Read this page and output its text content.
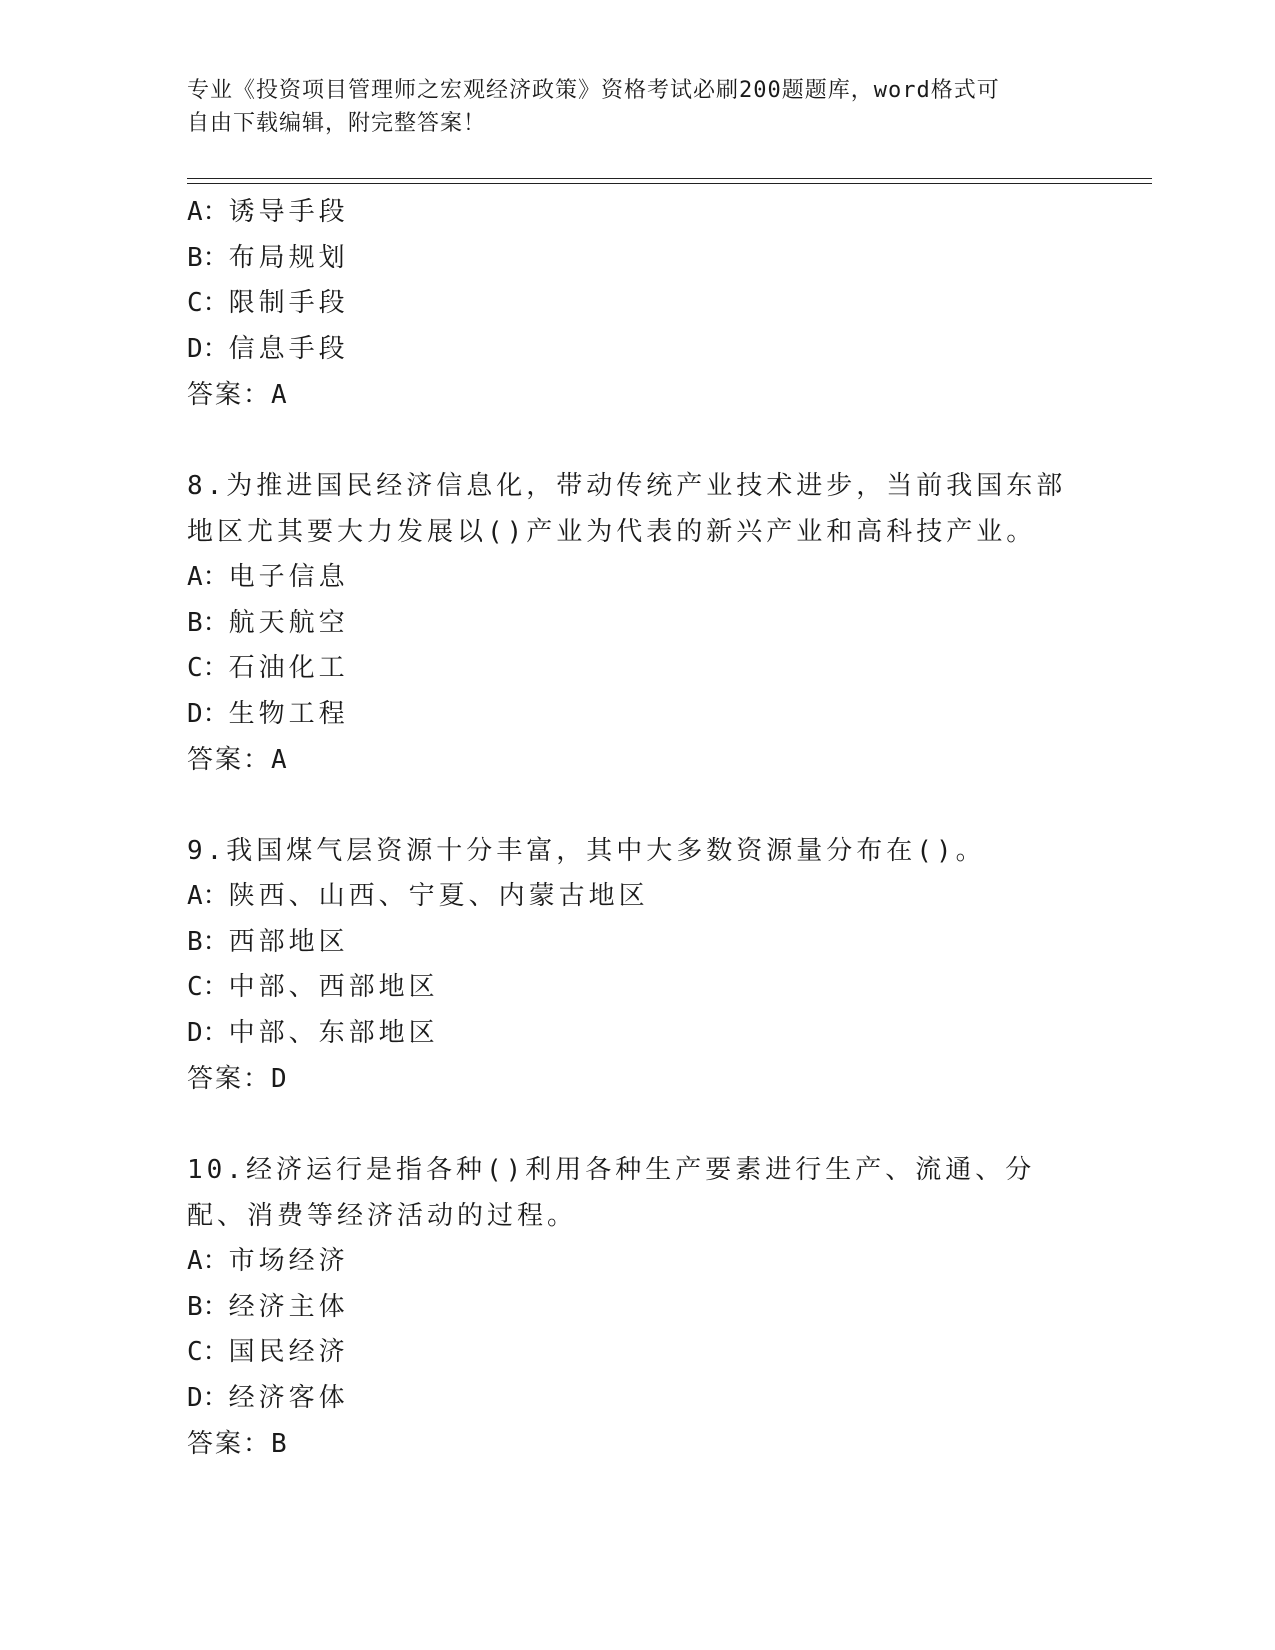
专业《投资项目管理师之宏观经济政策》资格考试必刷200题题库，word格式可
自由下载编辑，附完整答案！

A：诱导手段

B：布局规划

C：限制手段

D：信息手段

答案：A

8.为推进国民经济信息化，带动传统产业技术进步，当前我国东部地区尤其要大力发展以()产业为代表的新兴产业和高科技产业。

A：电子信息

B：航天航空

C：石油化工

D：生物工程

答案：A

9.我国煤气层资源十分丰富，其中大多数资源量分布在()。

A：陕西、山西、宁夏、内蒙古地区

B：西部地区

C：中部、西部地区

D：中部、东部地区

答案：D

10.经济运行是指各种()利用各种生产要素进行生产、流通、分配、消费等经济活动的过程。

A：市场经济

B：经济主体

C：国民经济

D：经济客体

答案：B
